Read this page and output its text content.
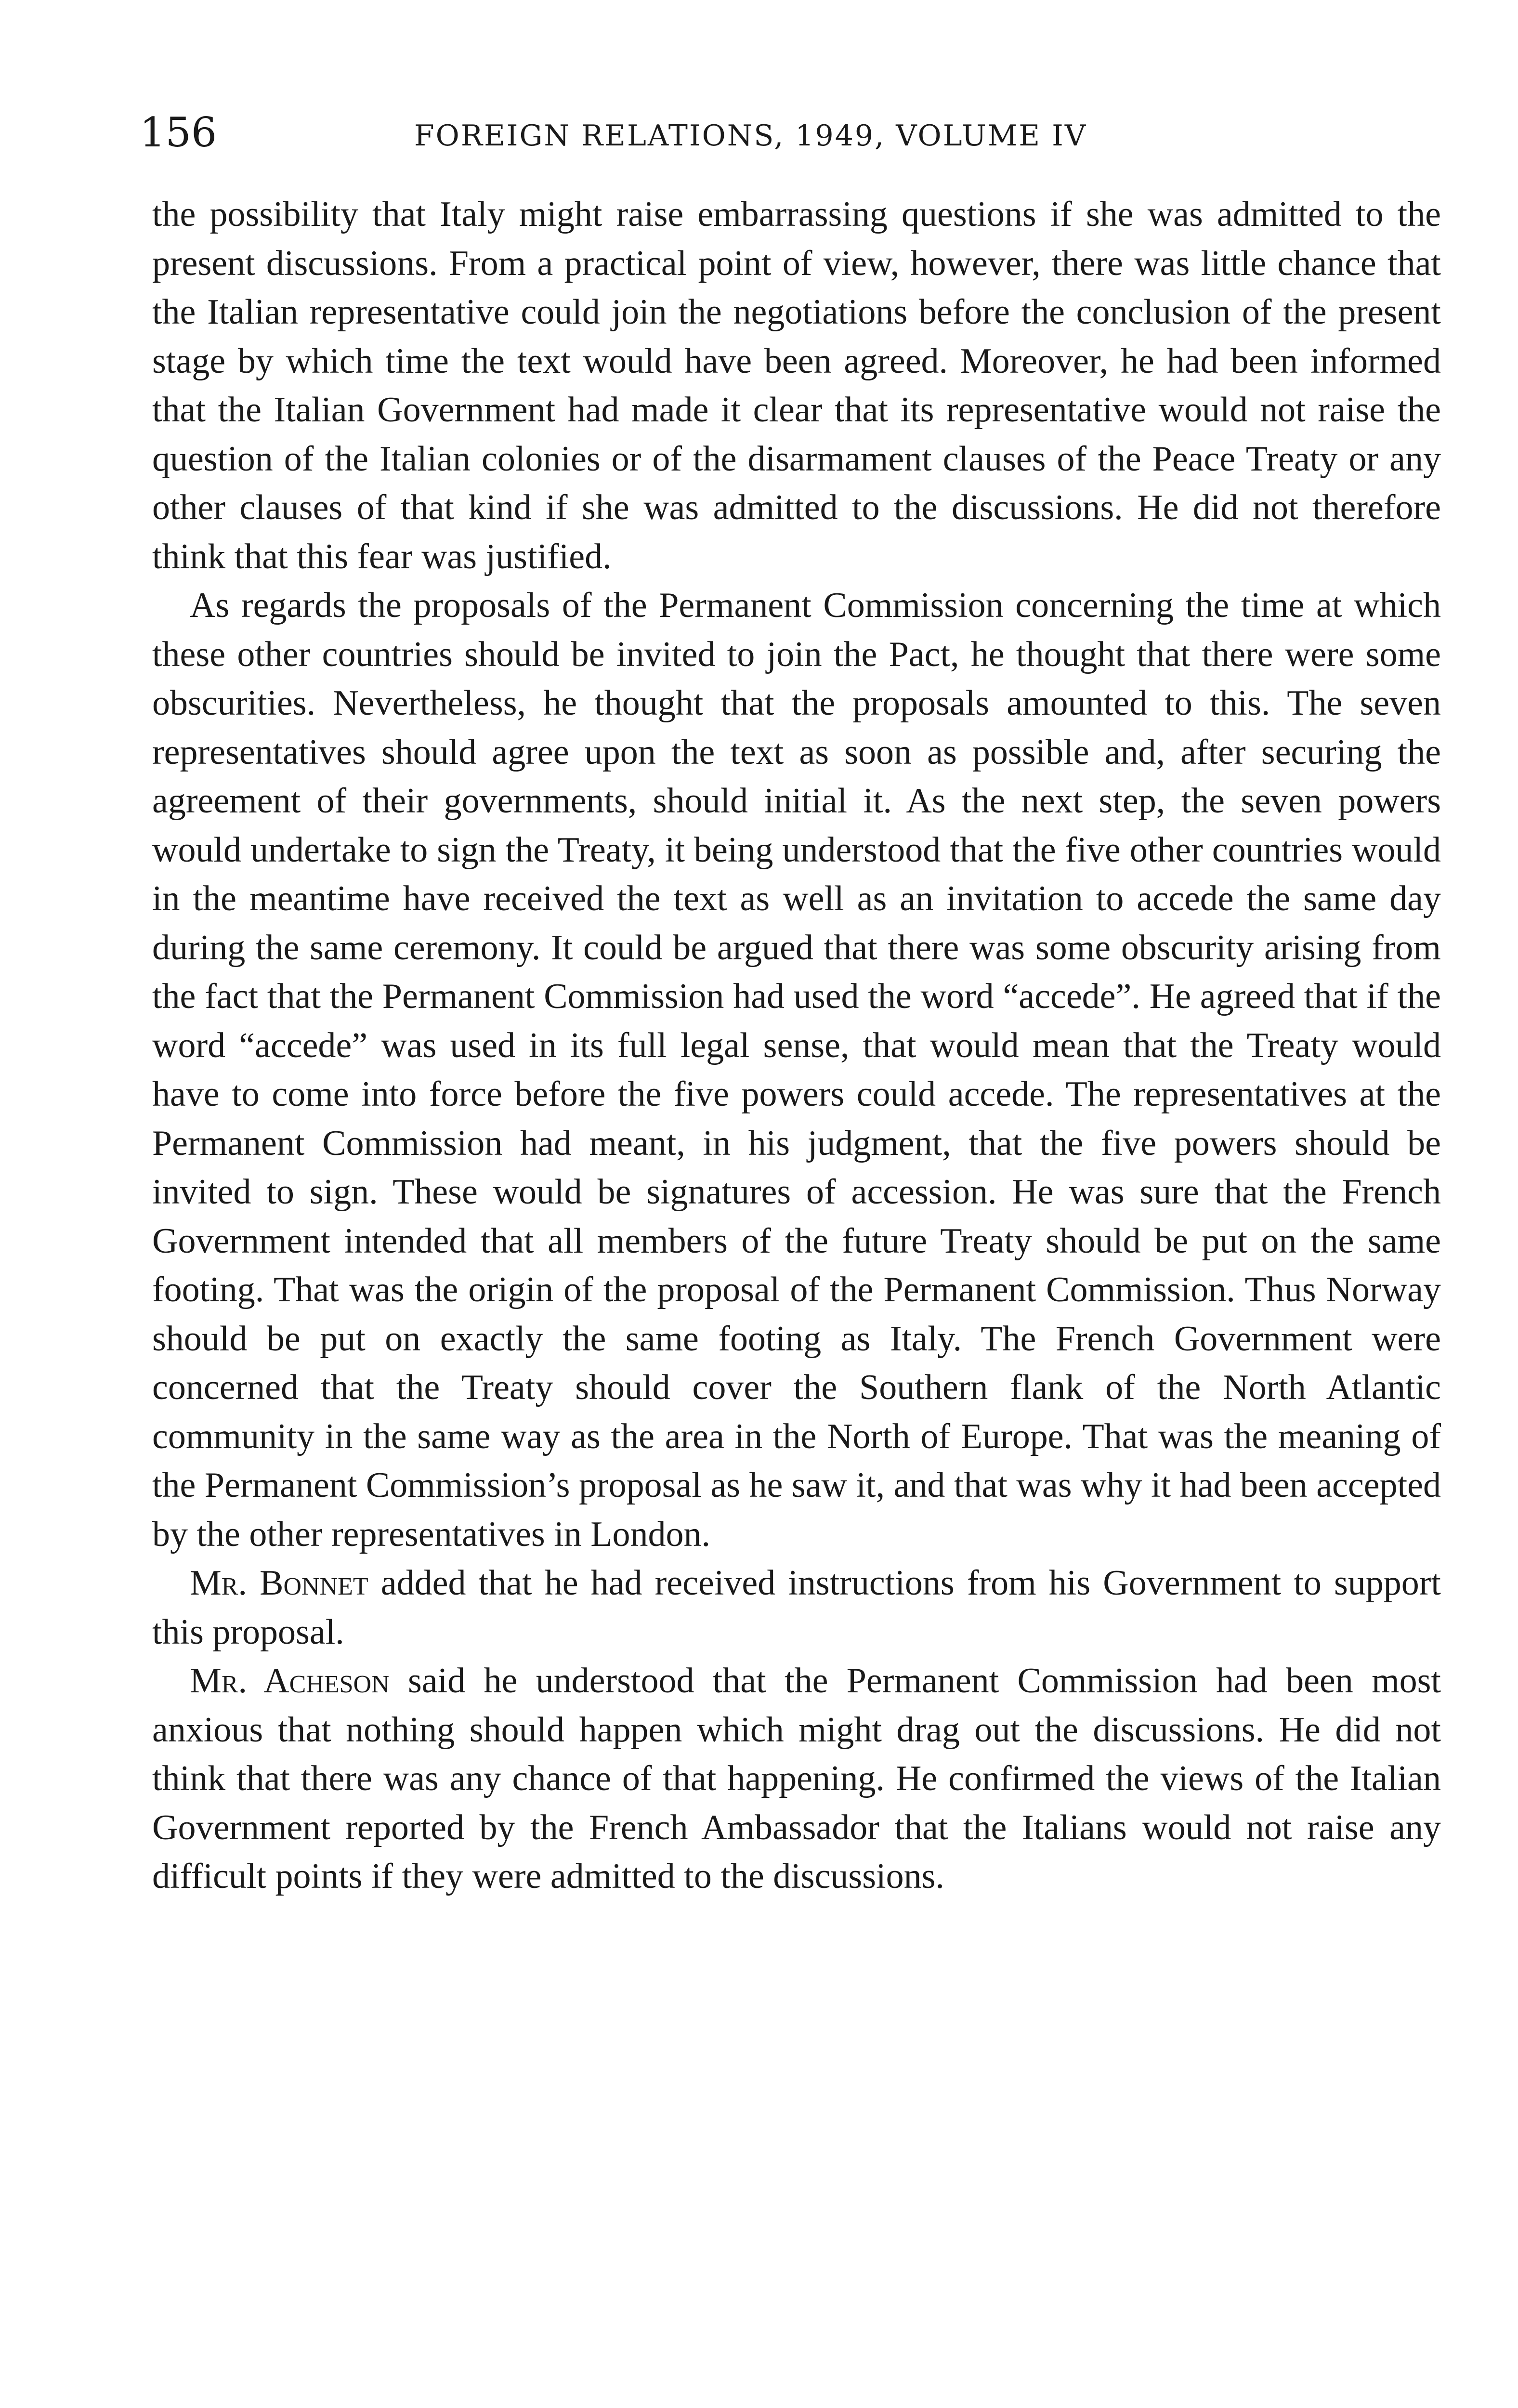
156	FOREIGN RELATIONS, 1949, VOLUME IV

the possibility that Italy might raise embarrassing questions if she was admitted to the present discussions. From a practical point of view, however, there was little chance that the Italian representative could join the negotiations before the conclusion of the present stage by which time the text would have been agreed. Moreover, he had been informed that the Italian Government had made it clear that its representative would not raise the question of the Italian colonies or of the disarmament clauses of the Peace Treaty or any other clauses of that kind if she was admitted to the discussions. He did not therefore think that this fear was justified.

As regards the proposals of the Permanent Commission concerning the time at which these other countries should be invited to join the Pact, he thought that there were some obscurities. Nevertheless, he thought that the proposals amounted to this. The seven representatives should agree upon the text as soon as possible and, after securing the agreement of their governments, should initial it. As the next step, the seven powers would undertake to sign the Treaty, it being understood that the five other countries would in the meantime have received the text as well as an invitation to accede the same day during the same ceremony. It could be argued that there was some obscurity arising from the fact that the Permanent Commission had used the word “accede”. He agreed that if the word “accede” was used in its full legal sense, that would mean that the Treaty would have to come into force before the five powers could accede. The representatives at the Permanent Commission had meant, in his judgment, that the five powers should be invited to sign. These would be signatures of accession. He was sure that the French Government intended that all members of the future Treaty should be put on the same footing. That was the origin of the proposal of the Permanent Commission. Thus Norway should be put on exactly the same footing as Italy. The French Government were concerned that the Treaty should cover the Southern flank of the North Atlantic community in the same way as the area in the North of Europe. That was the meaning of the Permanent Commission’s proposal as he saw it, and that was why it had been accepted by the other representatives in London.

Mr. Bonnet added that he had received instructions from his Government to support this proposal.

Mr. Acheson said he understood that the Permanent Commission had been most anxious that nothing should happen which might drag out the discussions. He did not think that there was any chance of that happening. He confirmed the views of the Italian Government reported by the French Ambassador that the Italians would not raise any difficult points if they were admitted to the discussions.
